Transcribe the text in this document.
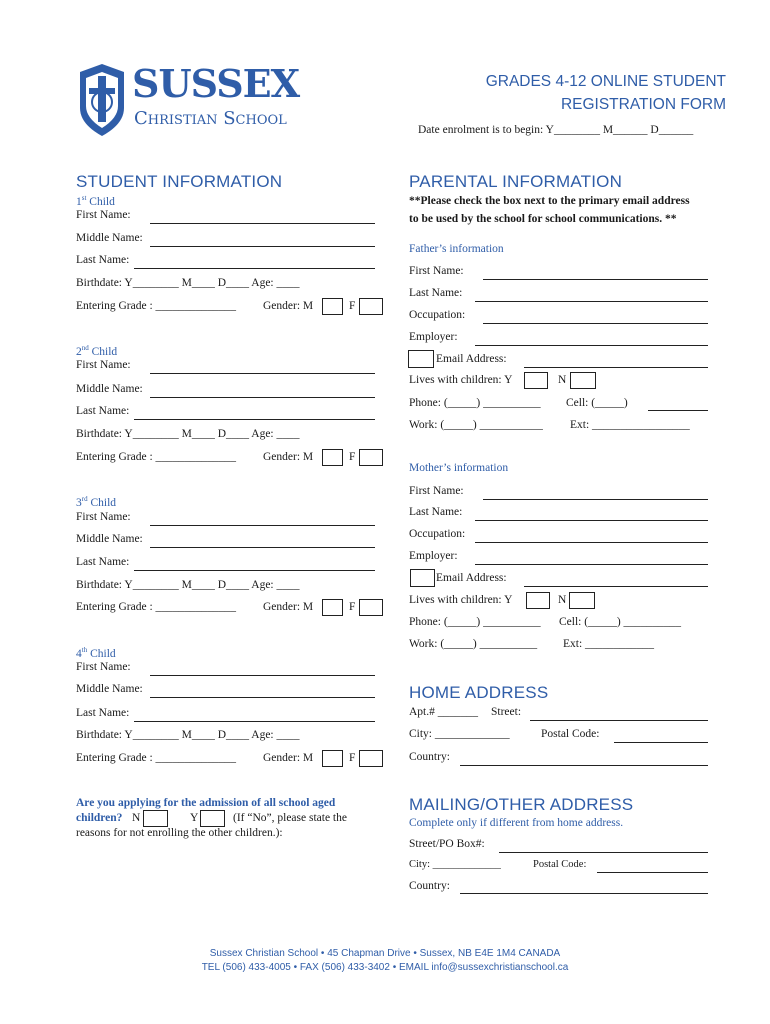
SUSSEX
Christian School
GRADES 4-12 ONLINE STUDENT
REGISTRATION FORM
Date enrolment is to begin: Y________ M______ D______
STUDENT INFORMATION
1st Child
First Name:
Middle Name:
Last Name:
Birthdate: Y________ M____ D____ Age: ____
Entering Grade : ______________ Gender: M	F
2nd Child
First Name:
Middle Name:
Last Name:
Birthdate: Y________ M____ D____ Age: ____
Entering Grade : ______________ Gender: M	F
3rd Child
First Name:
Middle Name:
Last Name:
Birthdate: Y________ M____ D____ Age: ____
Entering Grade : ______________ Gender: M	F
4th Child
First Name:
Middle Name:
Last Name:
Birthdate: Y________ M____ D____ Age: ____
Entering Grade : ______________ Gender: M	F
Are you applying for the admission of all school aged
children? N	Y	(If “No”, please state the
reasons for not enrolling the other children.):
PARENTAL INFORMATION
**Please check the box next to the primary email address
to be used by the school for school communications. **
Father’s information
First Name:
Last Name:
Occupation:
Employer:
Email Address:
Lives with children: Y	N
Phone: (_____) __________ Cell: (_____)
Work: (_____) ___________ Ext: _________________
Mother’s information
First Name:
Last Name:
Occupation:
Employer:
Email Address:
Lives with children: Y	N
Phone: (_____) __________ Cell: (_____) __________
Work: (_____) __________ Ext: ____________
HOME ADDRESS
Apt.# _______ Street:
City: _____________	Postal Code:
Country:
MAILING/OTHER ADDRESS
Complete only if different from home address.
Street/PO Box#:
City: _____________	Postal Code:
Country:
Sussex Christian School • 45 Chapman Drive • Sussex, NB E4E 1M4 CANADA
TEL (506) 433-4005 • FAX (506) 433-3402 • EMAIL info@sussexchristianschool.ca
